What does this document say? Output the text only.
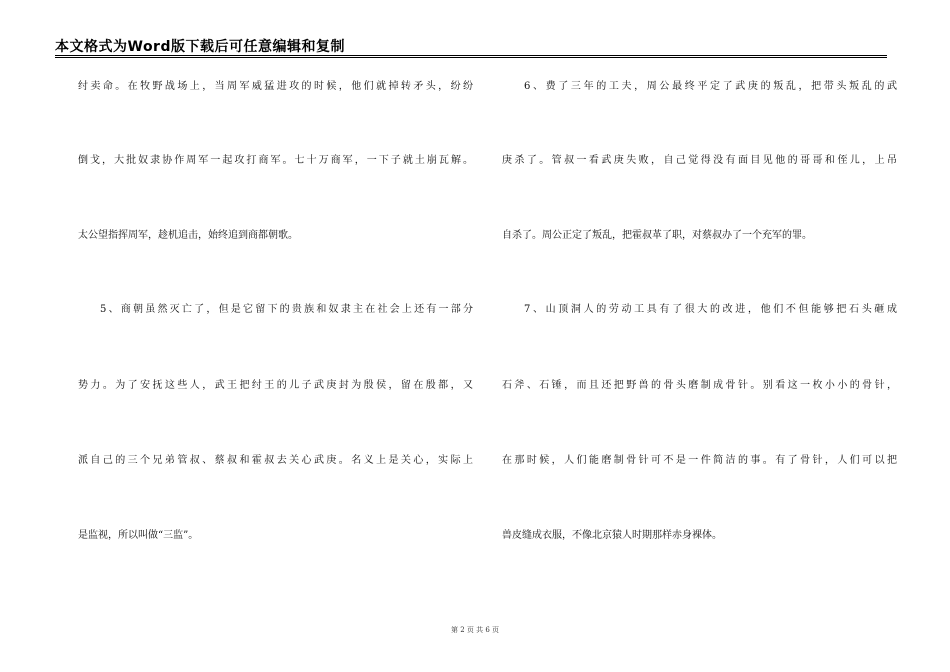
本文格式为Word版下载后可任意编辑和复制
纣卖命。在牧野战场上，当周军威猛进攻的时候，他们就掉转矛头，纷纷
倒戈，大批奴隶协作周军一起攻打商军。七十万商军，一下子就土崩瓦解。
太公望指挥周军，趁机追击，始终追到商都朝歌。
5、商朝虽然灭亡了，但是它留下的贵族和奴隶主在社会上还有一部分
势力。为了安抚这些人，武王把纣王的儿子武庚封为殷侯，留在殷都，又
派自己的三个兄弟管叔、蔡叔和霍叔去关心武庚。名义上是关心，实际上
是监视，所以叫做“三监”。
6、费了三年的工夫，周公最终平定了武庚的叛乱，把带头叛乱的武
庚杀了。管叔一看武庚失败，自己觉得没有面目见他的哥哥和侄儿，上吊
自杀了。周公正定了叛乱，把霍叔革了职，对蔡叔办了一个充军的罪。
7、山顶洞人的劳动工具有了很大的改进，他们不但能够把石头砸成
石斧、石锤，而且还把野兽的骨头磨制成骨针。别看这一枚小小的骨针，
在那时候，人们能磨制骨针可不是一件简洁的事。有了骨针，人们可以把
兽皮缝成衣服，不像北京猿人时期那样赤身裸体。
第 2 页 共 6 页
